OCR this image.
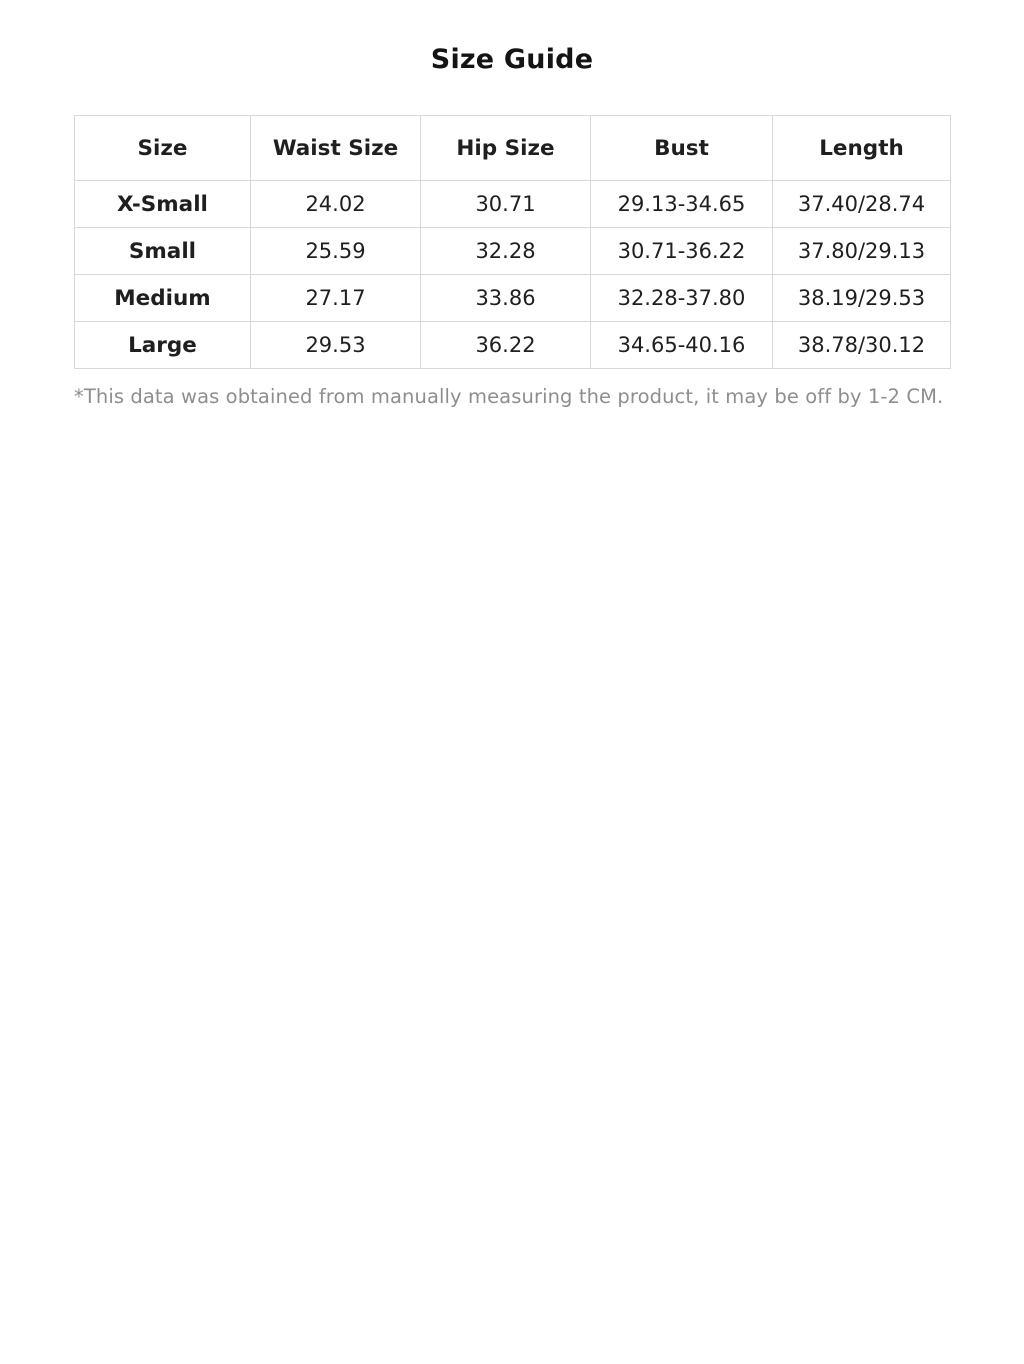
Size Guide
Size	Waist Size	Hip Size	Bust	Length
X-Small	24.02	30.71	29.13-34.65	37.40/28.74
Small	25.59	32.28	30.71-36.22	37.80/29.13
Medium	27.17	33.86	32.28-37.80	38.19/29.53
Large	29.53	36.22	34.65-40.16	38.78/30.12

*This data was obtained from manually measuring the product, it may be off by 1-2 CM.
